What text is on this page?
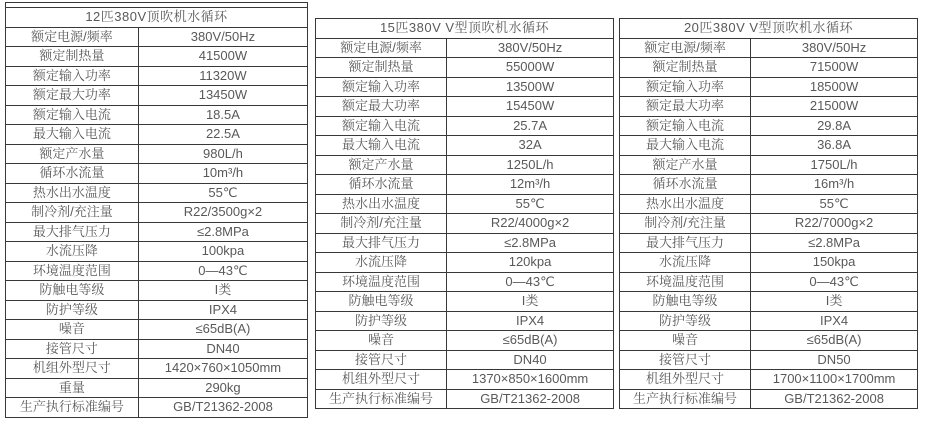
12匹380V顶吹机水循环	
额定电源/频率	380V/50Hz
额定制热量	41500W
额定输入功率	11320W
额定最大功率	13450W
额定输入电流	18.5A
最大输入电流	22.5A
额定产水量	980L/h
循环水流量	10m³/h
热水出水温度	55℃
制冷剂/充注量	R22/3500g×2
最大排气压力	≤2.8MPa
水流压降	100kpa
环境温度范围	0—43℃
防触电等级	I类
防护等级	IPX4
噪音	≤65dB(A)
接管尺寸	DN40
机组外型尺寸	1420×760×1050mm
重量	290kg
生产执行标准编号	GB/T21362-2008
15匹380V V型顶吹机水循环	
额定电源/频率	380V/50Hz
额定制热量	55000W
额定输入功率	13500W
额定最大功率	15450W
额定输入电流	25.7A
最大输入电流	32A
额定产水量	1250L/h
循环水流量	12m³/h
热水出水温度	55℃
制冷剂/充注量	R22/4000g×2
最大排气压力	≤2.8MPa
水流压降	120kpa
环境温度范围	0—43℃
防触电等级	I类
防护等级	IPX4
噪音	≤65dB(A)
接管尺寸	DN40
机组外型尺寸	1370×850×1600mm
生产执行标准编号	GB/T21362-2008
20匹380V V型顶吹机水循环	
额定电源/频率	380V/50Hz
额定制热量	71500W
额定输入功率	18500W
额定最大功率	21500W
额定输入电流	29.8A
最大输入电流	36.8A
额定产水量	1750L/h
循环水流量	16m³/h
热水出水温度	55℃
制冷剂/充注量	R22/7000g×2
最大排气压力	≤2.8MPa
水流压降	150kpa
环境温度范围	0—43℃
防触电等级	I类
防护等级	IPX4
噪音	≤65dB(A)
接管尺寸	DN50
机组外型尺寸	1700×1100×1700mm
生产执行标准编号	GB/T21362-2008
